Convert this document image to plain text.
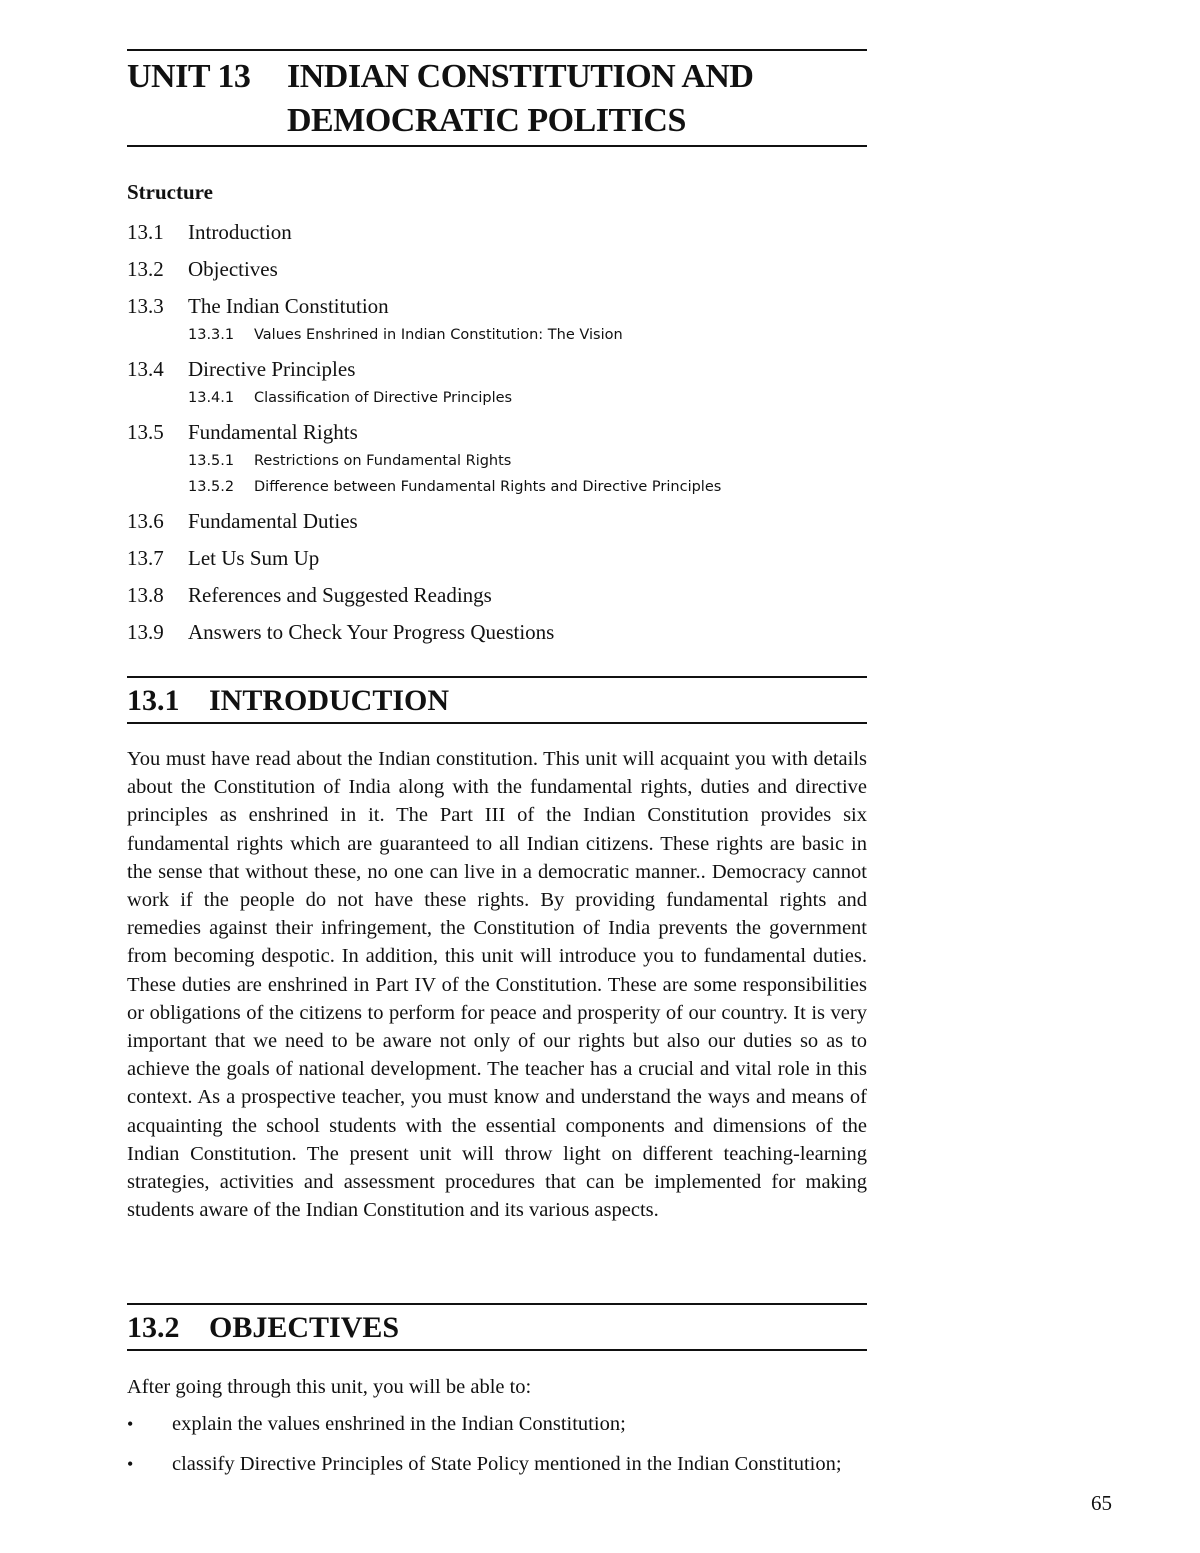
UNIT 13	INDIAN CONSTITUTION AND
DEMOCRATIC POLITICS
Structure
13.1	Introduction
13.2	Objectives
13.3	The Indian Constitution
13.3.1	Values Enshrined in Indian Constitution: The Vision
13.4	Directive Principles
13.4.1	Classification of Directive Principles
13.5	Fundamental Rights
13.5.1	Restrictions on Fundamental Rights
13.5.2	Difference between Fundamental Rights and Directive Principles
13.6	Fundamental Duties
13.7	Let Us Sum Up
13.8	References and Suggested Readings
13.9	Answers to Check Your Progress Questions
13.1 INTRODUCTION

You must have read about the Indian constitution. This unit will acquaint you with details about the Constitution of India along with the fundamental rights, duties and directive principles as enshrined in it. The Part III of the Indian Constitution provides six fundamental rights which are guaranteed to all Indian citizens. These rights are basic in the sense that without these, no one can live in a democratic manner.. Democracy cannot work if the people do not have these rights. By providing fundamental rights and remedies against their infringement, the Constitution of India prevents the government from becoming despotic. In addition, this unit will introduce you to fundamental duties. These duties are enshrined in Part IV of the Constitution. These are some responsibilities or obligations of the citizens to perform for peace and prosperity of our country. It is very important that we need to be aware not only of our rights but also our duties so as to achieve the goals of national development. The teacher has a crucial and vital role in this context. As a prospective teacher, you must know and understand the ways and means of acquainting the school students with the essential components and dimensions of the Indian Constitution. The present unit will throw light on different teaching-learning strategies, activities and assessment procedures that can be implemented for making students aware of the Indian Constitution and its various aspects.

13.2 OBJECTIVES

After going through this unit, you will be able to:

•	explain the values enshrined in the Indian Constitution;
•	classify Directive Principles of State Policy mentioned in the Indian Constitution;
65
